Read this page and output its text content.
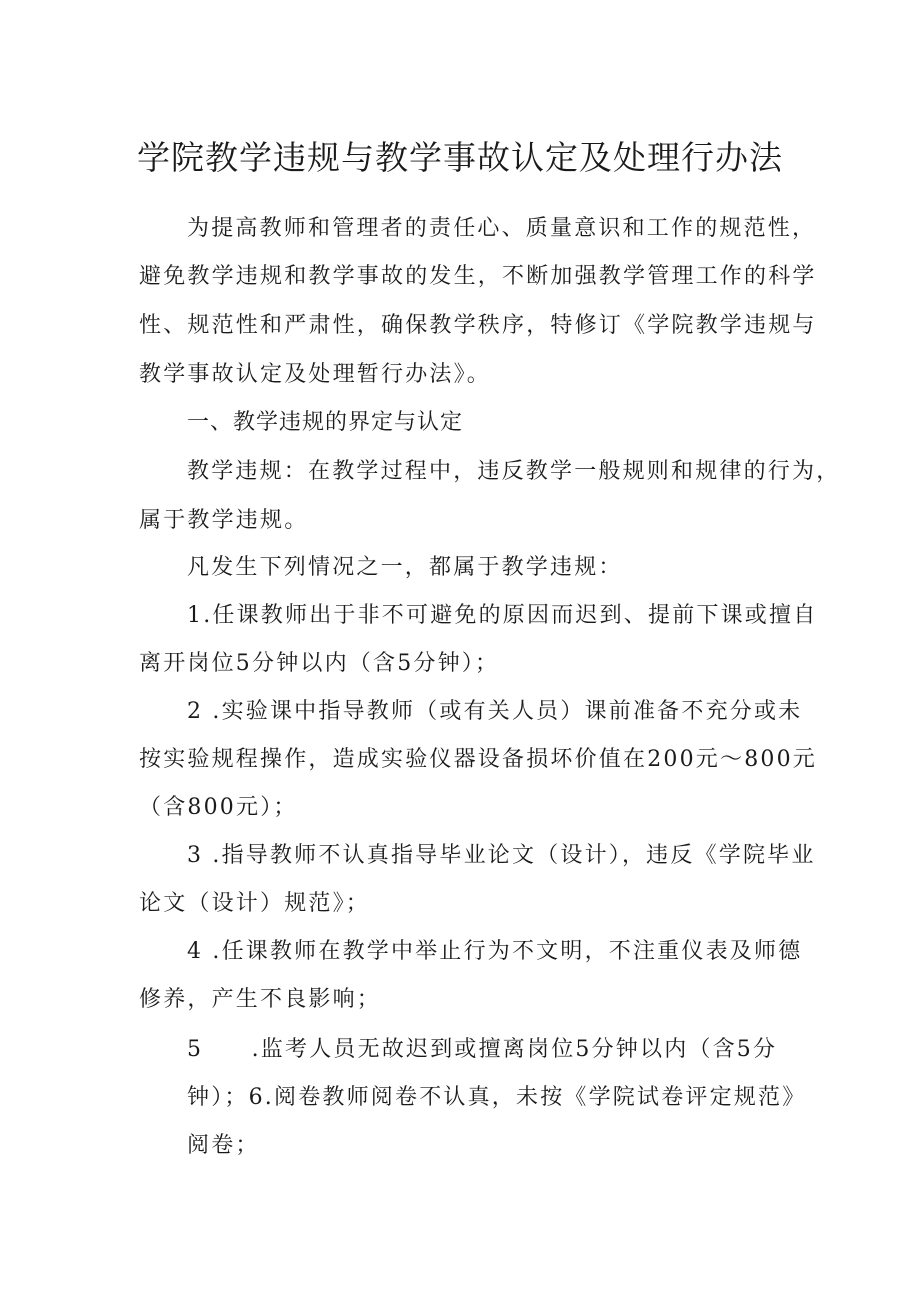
学院教学违规与教学事故认定及处理行办法
为提高教师和管理者的责任心、质量意识和工作的规范性，
避免教学违规和教学事故的发生，不断加强教学管理工作的科学
性、规范性和严肃性，确保教学秩序，特修订《学院教学违规与
教学事故认定及处理暂行办法》。
一、教学违规的界定与认定
教学违规：在教学过程中，违反教学一般规则和规律的行为，
属于教学违规。
凡发生下列情况之一，都属于教学违规：
1.任课教师出于非不可避免的原因而迟到、提前下课或擅自
离开岗位5分钟以内（含5分钟）；
2 .实验课中指导教师（或有关人员）课前准备不充分或未
按实验规程操作，造成实验仪器设备损坏价值在200元～800元
（含800元）；
3 .指导教师不认真指导毕业论文（设计），违反《学院毕业
论文（设计）规范》；
4 .任课教师在教学中举止行为不文明，不注重仪表及师德
修养，产生不良影响；
5　　.监考人员无故迟到或擅离岗位5分钟以内（含5分
钟）；6.阅卷教师阅卷不认真，未按《学院试卷评定规范》
阅卷；
